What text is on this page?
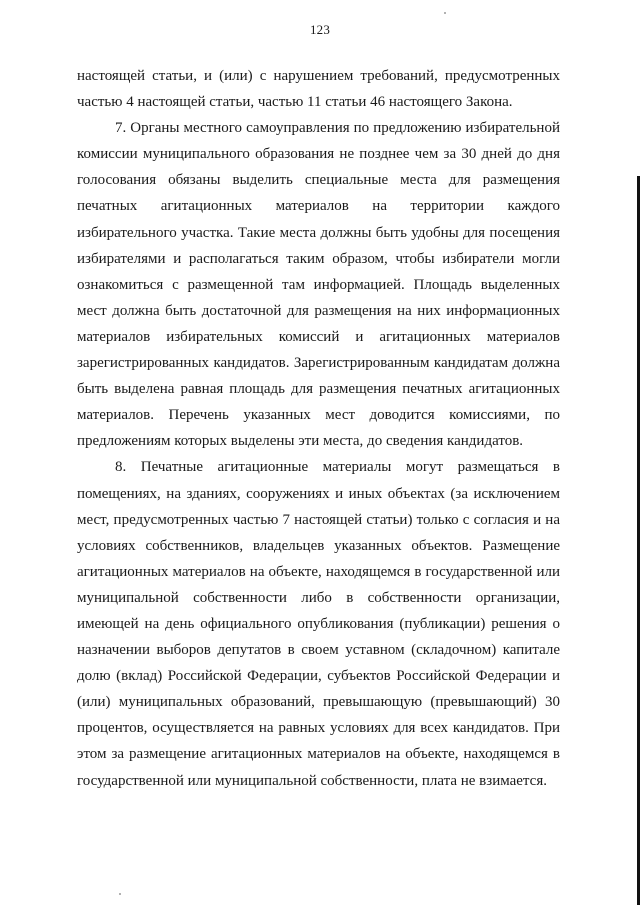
123

настоящей статьи, и (или) с нарушением требований, предусмотренных частью 4 настоящей статьи, частью 11 статьи 46 настоящего Закона.

7. Органы местного самоуправления по предложению избирательной комиссии муниципального образования не позднее чем за 30 дней до дня голосования обязаны выделить специальные места для размещения печатных агитационных материалов на территории каждого избирательного участка. Такие места должны быть удобны для посещения избирателями и располагаться таким образом, чтобы избиратели могли ознакомиться с размещенной там информацией. Площадь выделенных мест должна быть достаточной для размещения на них информационных материалов избирательных комиссий и агитационных материалов зарегистрированных кандидатов. Зарегистрированным кандидатам должна быть выделена равная площадь для размещения печатных агитационных материалов. Перечень указанных мест доводится комиссиями, по предложениям которых выделены эти места, до сведения кандидатов.

8. Печатные агитационные материалы могут размещаться в помещениях, на зданиях, сооружениях и иных объектах (за исключением мест, предусмотренных частью 7 настоящей статьи) только с согласия и на условиях собственников, владельцев указанных объектов. Размещение агитационных материалов на объекте, находящемся в государственной или муниципальной собственности либо в собственности организации, имеющей на день официального опубликования (публикации) решения о назначении выборов депутатов в своем уставном (складочном) капитале долю (вклад) Российской Федерации, субъектов Российской Федерации и (или) муниципальных образований, превышающую (превышающий) 30 процентов, осуществляется на равных условиях для всех кандидатов. При этом за размещение агитационных материалов на объекте, находящемся в государственной или муниципальной собственности, плата не взимается.
